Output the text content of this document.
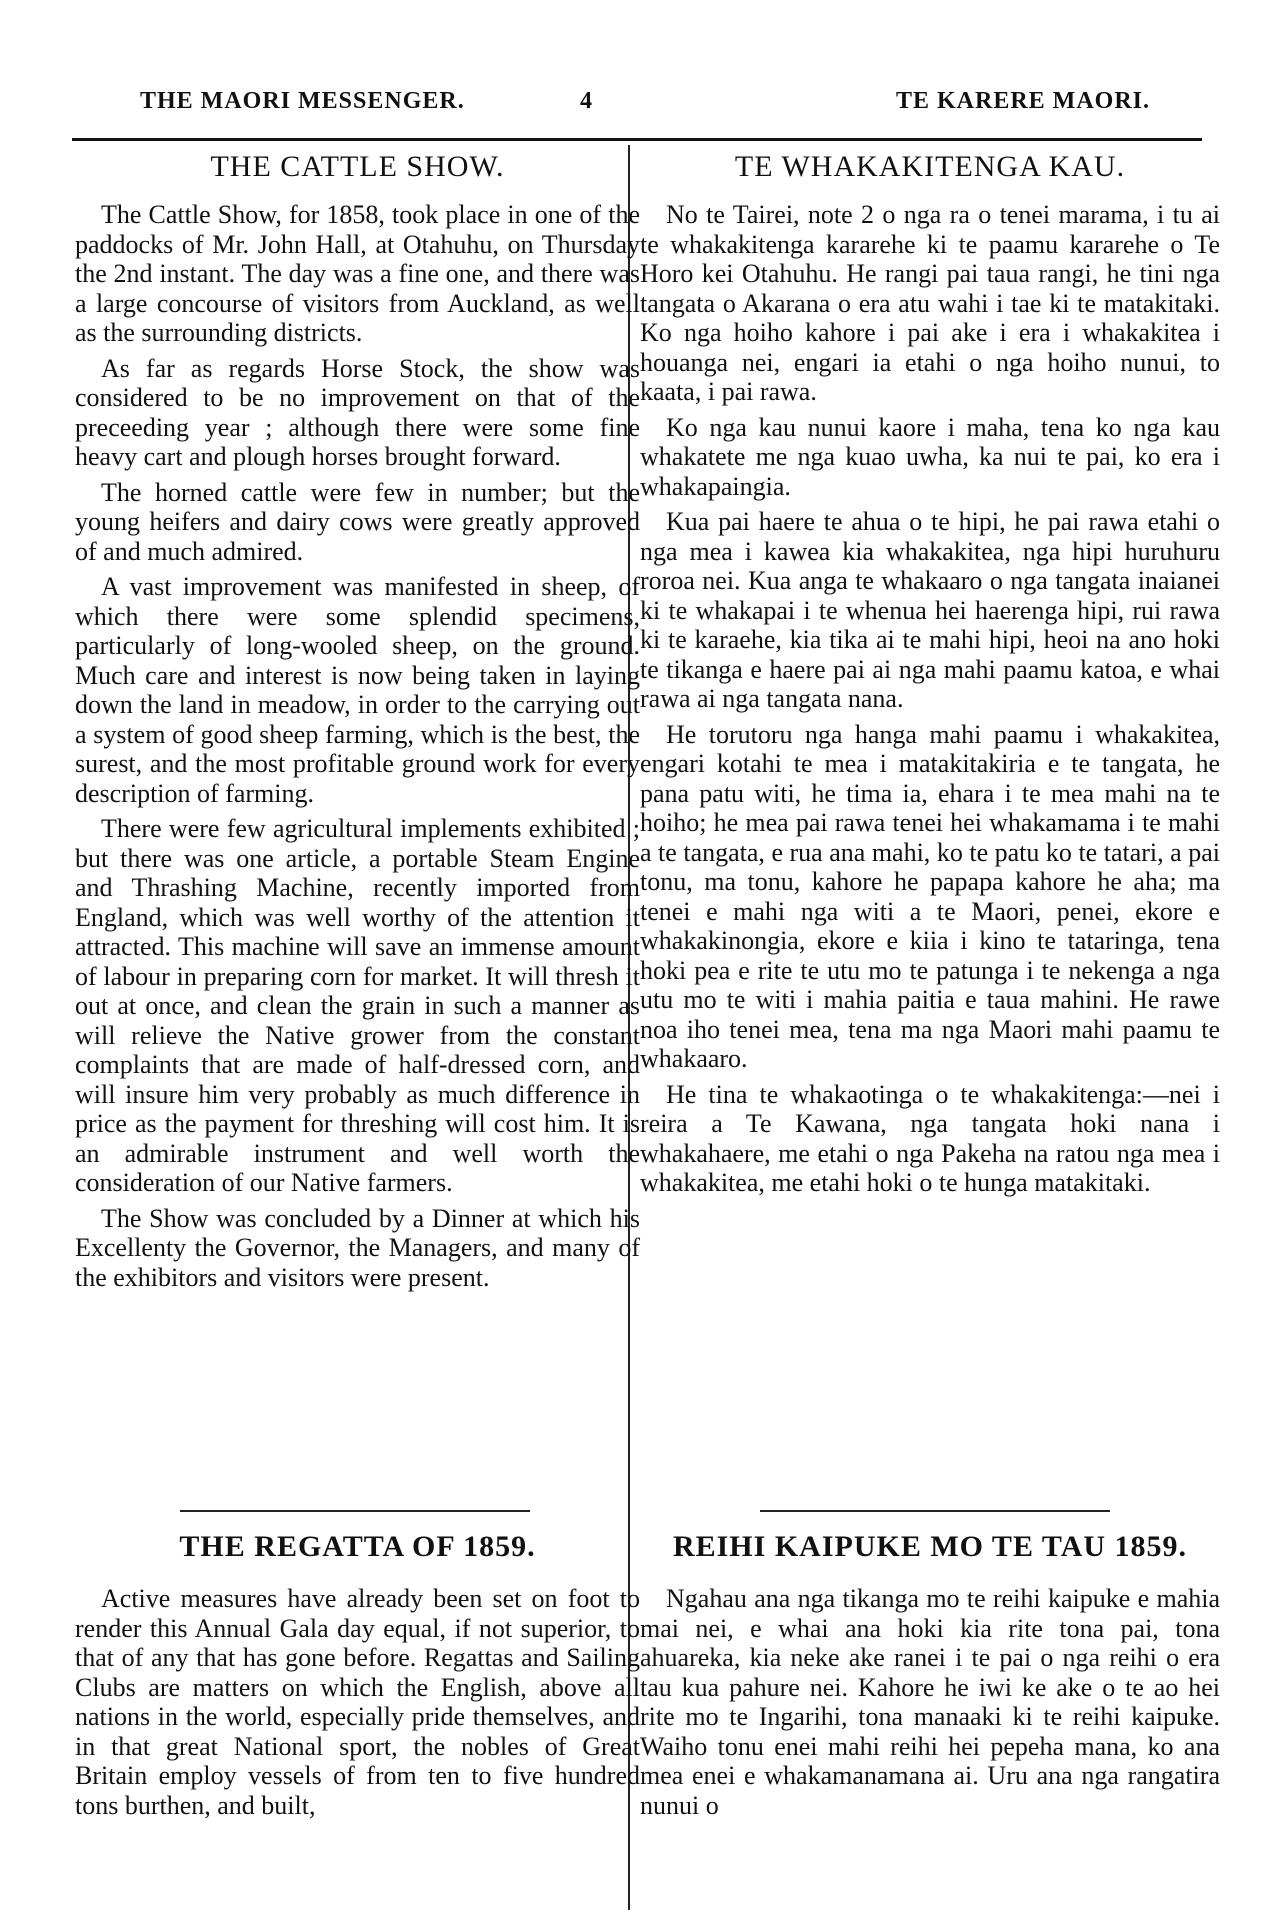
THE MAORI MESSENGER.	4	TE KARERE MAORI.
THE CATTLE SHOW.

The Cattle Show, for 1858, took place in one of the paddocks of Mr. John Hall, at Otahuhu, on Thursday the 2nd instant. The day was a fine one, and there was a large concourse of visitors from Auckland, as well as the surrounding districts.

As far as regards Horse Stock, the show was considered to be no improvement on that of the preceeding year ; although there were some fine heavy cart and plough horses brought forward.

The horned cattle were few in number; but the young heifers and dairy cows were greatly approved of and much admired.

A vast improvement was manifested in sheep, of which there were some splendid specimens, particularly of long-wooled sheep, on the ground. Much care and interest is now being taken in laying down the land in meadow, in order to the carrying out a system of good sheep farming, which is the best, the surest, and the most profitable ground work for every description of farming.

There were few agricultural implements exhibited ; but there was one article, a portable Steam Engine and Thrashing Machine, recently imported from England, which was well worthy of the attention it attracted. This machine will save an immense amount of labour in preparing corn for market. It will thresh it out at once, and clean the grain in such a manner as will relieve the Native grower from the constant complaints that are made of half-dressed corn, and will insure him very probably as much difference in price as the payment for threshing will cost him. It is an admirable instrument and well worth the consideration of our Native farmers.

The Show was concluded by a Dinner at which his Excellenty the Governor, the Managers, and many of the exhibitors and visitors were present.

THE REGATTA OF 1859.

Active measures have already been set on foot to render this Annual Gala day equal, if not superior, to that of any that has gone before. Regattas and Sailing Clubs are matters on which the English, above all nations in the world, especially pride themselves, and in that great National sport, the nobles of Great Britain employ vessels of from ten to five hundred tons burthen, and built,

TE WHAKAKITENGA KAU.

No te Tairei, note 2 o nga ra o tenei marama, i tu ai te whakakitenga kararehe ki te paamu kararehe o Te Horo kei Otahuhu. He rangi pai taua rangi, he tini nga tangata o Akarana o era atu wahi i tae ki te matakitaki. Ko nga hoiho kahore i pai ake i era i whakakitea i houanga nei, engari ia etahi o nga hoiho nunui, to kaata, i pai rawa.

Ko nga kau nunui kaore i maha, tena ko nga kau whakatete me nga kuao uwha, ka nui te pai, ko era i whakapaingia.

Kua pai haere te ahua o te hipi, he pai rawa etahi o nga mea i kawea kia whakakitea, nga hipi huruhuru roroa nei. Kua anga te whakaaro o nga tangata inaianei ki te whakapai i te whenua hei haerenga hipi, rui rawa ki te karaehe, kia tika ai te mahi hipi, heoi na ano hoki te tikanga e haere pai ai nga mahi paamu katoa, e whai rawa ai nga tangata nana.

He torutoru nga hanga mahi paamu i whakakitea, engari kotahi te mea i matakitakiria e te tangata, he pana patu witi, he tima ia, ehara i te mea mahi na te hoiho; he mea pai rawa tenei hei whakamama i te mahi a te tangata, e rua ana mahi, ko te patu ko te tatari, a pai tonu, ma tonu, kahore he papapa kahore he aha; ma tenei e mahi nga witi a te Maori, penei, ekore e whakakinongia, ekore e kiia i kino te tataringa, tena hoki pea e rite te utu mo te patunga i te nekenga a nga utu mo te witi i mahia paitia e taua mahini. He rawe noa iho tenei mea, tena ma nga Maori mahi paamu te whakaaro.

He tina te whakaotinga o te whakakitenga:—nei i reira a Te Kawana, nga tangata hoki nana i whakahaere, me etahi o nga Pakeha na ratou nga mea i whakakitea, me etahi hoki o te hunga matakitaki.

REIHI KAIPUKE MO TE TAU 1859.

Ngahau ana nga tikanga mo te reihi kaipuke e mahia mai nei, e whai ana hoki kia rite tona pai, tona ahuareka, kia neke ake ranei i te pai o nga reihi o era tau kua pahure nei. Kahore he iwi ke ake o te ao hei rite mo te Ingarihi, tona manaaki ki te reihi kaipuke. Waiho tonu enei mahi reihi hei pepeha mana, ko ana mea enei e whakamanamana ai. Uru ana nga rangatira nunui o
